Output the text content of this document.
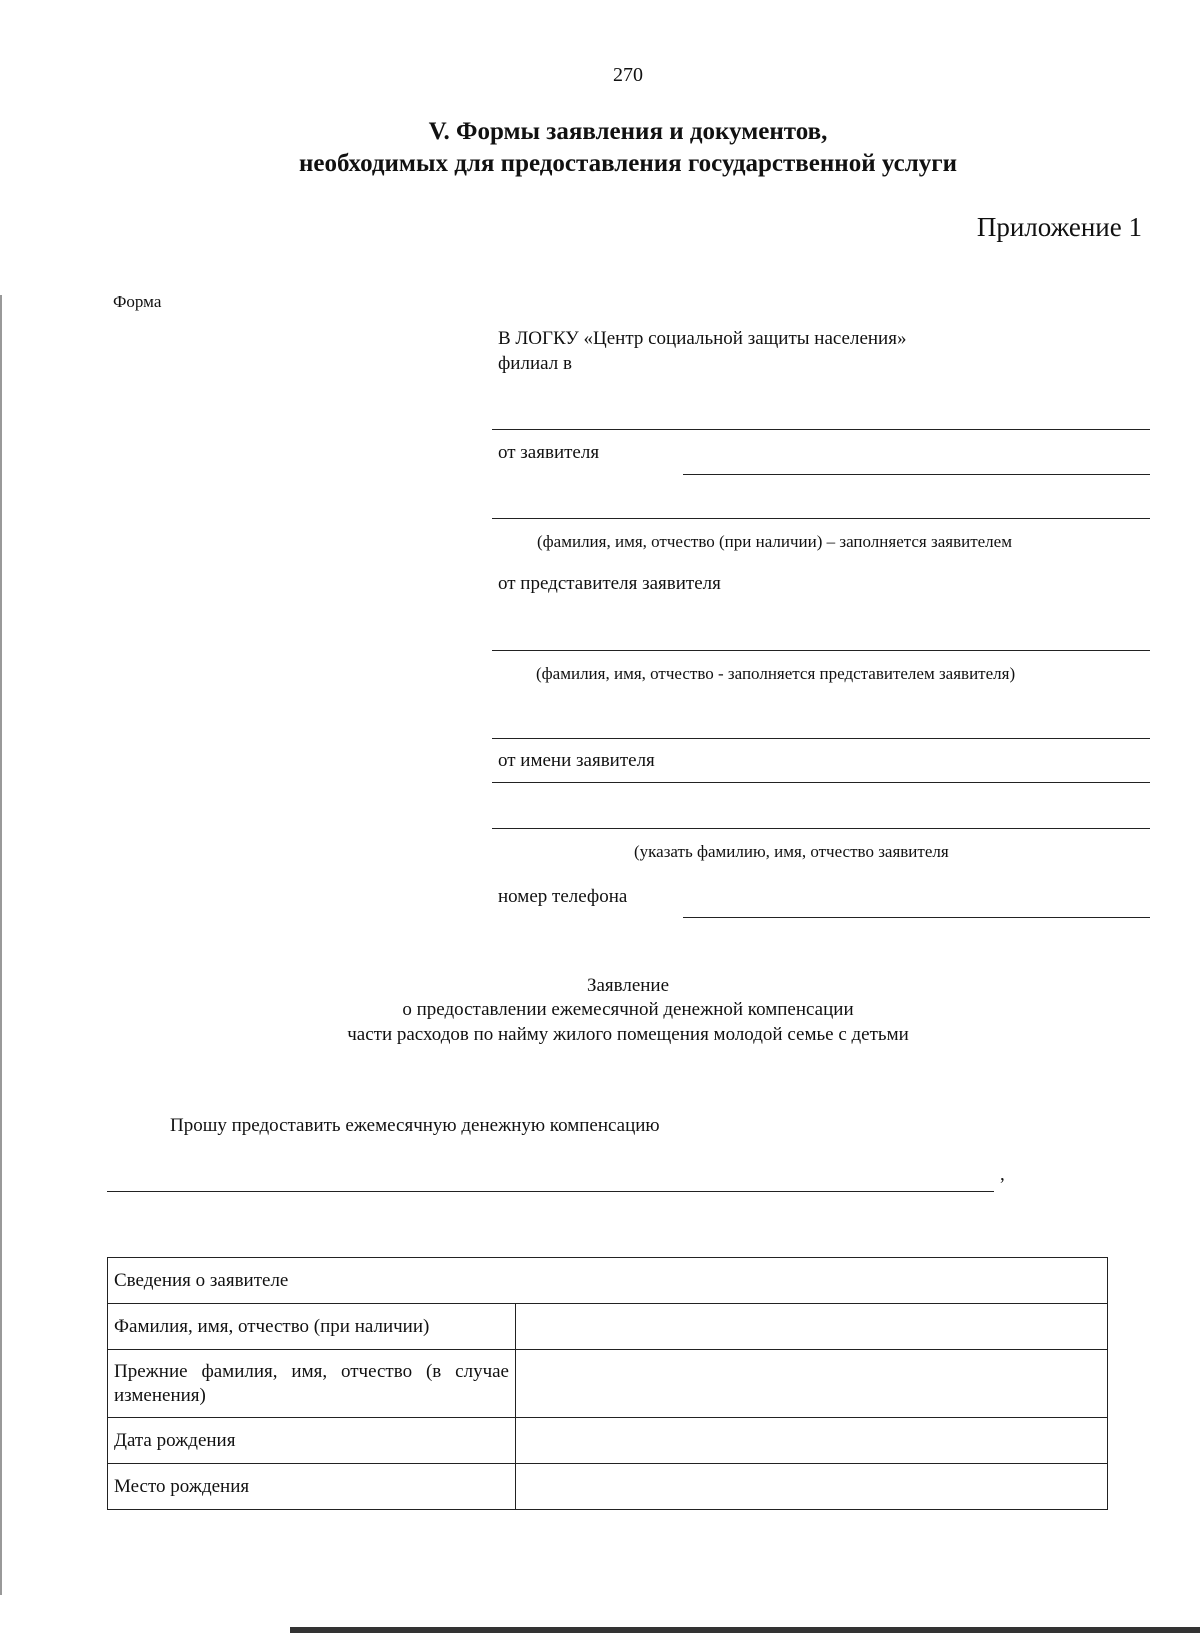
270
V. Формы заявления и документов,
необходимых для предоставления государственной услуги
Приложение 1
Форма
В ЛОГКУ «Центр социальной защиты населения»
филиал в
от заявителя
(фамилия, имя, отчество (при наличии) – заполняется заявителем
от представителя заявителя
(фамилия, имя, отчество - заполняется представителем заявителя)
от имени заявителя
(указать фамилию, имя, отчество заявителя
номер телефона
Заявление
о предоставлении ежемесячной денежной компенсации
части расходов по найму жилого помещения молодой семье с детьми
Прошу предоставить ежемесячную денежную компенсацию
,
Сведения о заявителе	
Фамилия, имя, отчество (при наличии)	
Прежние фамилия, имя, отчество (в случае изменения)	
Дата рождения	
Место рождения	
